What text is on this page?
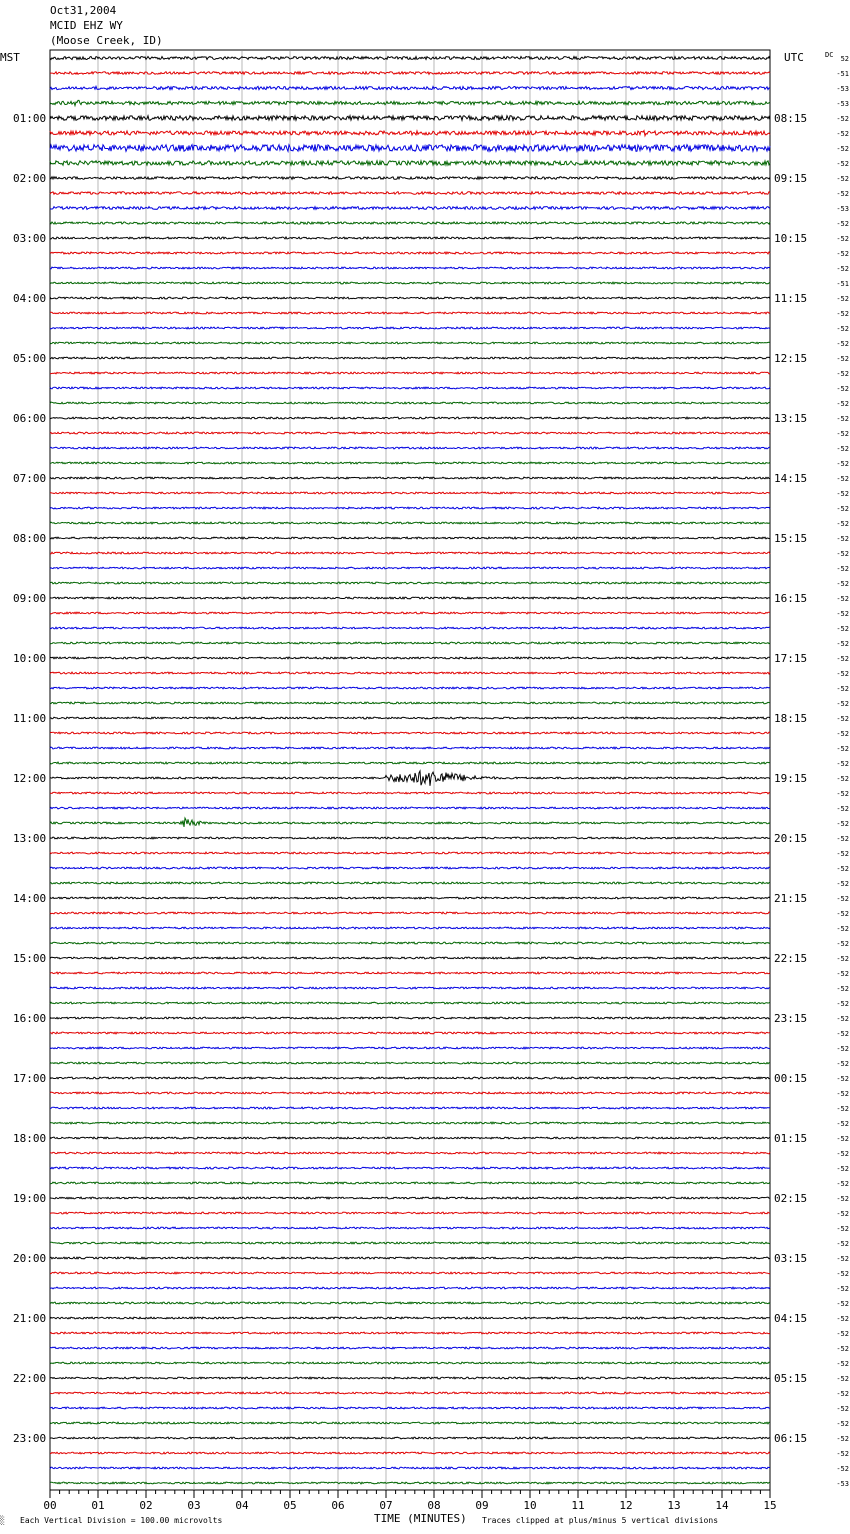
Oct31,2004
MCID EHZ WY
(Moose Creek, ID)
00	01	02	03	04	05	06	07	08	09	10	11	12	13	14	15
52
-51
-53
-53
-52
-52
-52
-52
-52
-52
-53
-52
-52
-52
-52
-51
-52
-52
-52
-52
-52
-52
-52
-52
-52
-52
-52
-52
-52
-52
-52
-52
-52
-52
-52
-52
-52
-52
-52
-52
-52
-52
-52
-52
-52
-52
-52
-52
-52
-52
-52
-52
-52
-52
-52
-52
-52
-52
-52
-52
-52
-52
-52
-52
-52
-52
-52
-52
-52
-52
-52
-52
-52
-52
-52
-52
-52
-52
-52
-52
-52
-52
-52
-52
-52
-52
-52
-52
-52
-52
-52
-52
-52
-52
-52
-53
01:00
02:00
03:00
04:00
05:00
06:00
07:00
08:00
09:00
10:00
11:00
12:00
13:00
14:00
15:00
16:00
17:00
18:00
19:00
20:00
21:00
22:00
23:00
08:15
09:15
10:15
11:15
12:15
13:15
14:15
15:15
16:15
17:15
18:15
19:15
20:15
21:15
22:15
23:15
00:15
01:15
02:15
03:15
04:15
05:15
06:15
MST	UTC	DC
░ Each Vertical Division = 100.00 microvolts	TIME (MINUTES) Traces clipped at plus/minus 5 vertical divisions
